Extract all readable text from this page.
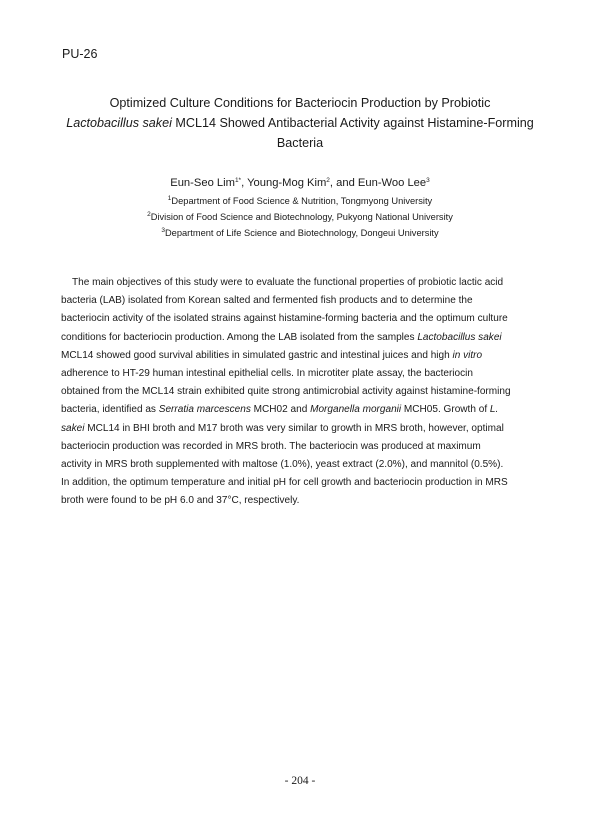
PU-26
Optimized Culture Conditions for Bacteriocin Production by Probiotic
Lactobacillus sakei MCL14 Showed Antibacterial Activity against Histamine-Forming
Bacteria
Eun-Seo Lim$^{1*}$, Young-Mog Kim$^2$, and Eun-Woo Lee$^3$
$^1$Department of Food Science & Nutrition, Tongmyong University
$^2$Division of Food Science and Biotechnology, Pukyong National University
$^3$Department of Life Science and Biotechnology, Dongeui University
The main objectives of this study were to evaluate the functional properties of probiotic lactic acid
bacteria (LAB) isolated from Korean salted and fermented fish products and to determine the
bacteriocin activity of the isolated strains against histamine-forming bacteria and the optimum culture
conditions for bacteriocin production. Among the LAB isolated from the samples Lactobacillus sakei
MCL14 showed good survival abilities in simulated gastric and intestinal juices and high in vitro
adherence to HT-29 human intestinal epithelial cells. In microtiter plate assay, the bacteriocin
obtained from the MCL14 strain exhibited quite strong antimicrobial activity against histamine-forming
bacteria, identified as Serratia marcescens MCH02 and Morganella morganii MCH05. Growth of L.
sakei MCL14 in BHI broth and M17 broth was very similar to growth in MRS broth, however, optimal
bacteriocin production was recorded in MRS broth. The bacteriocin was produced at maximum
activity in MRS broth supplemented with maltose (1.0%), yeast extract (2.0%), and mannitol (0.5%).
In addition, the optimum temperature and initial pH for cell growth and bacteriocin production in MRS
broth were found to be pH 6.0 and 37°C, respectively.
- 204 -
